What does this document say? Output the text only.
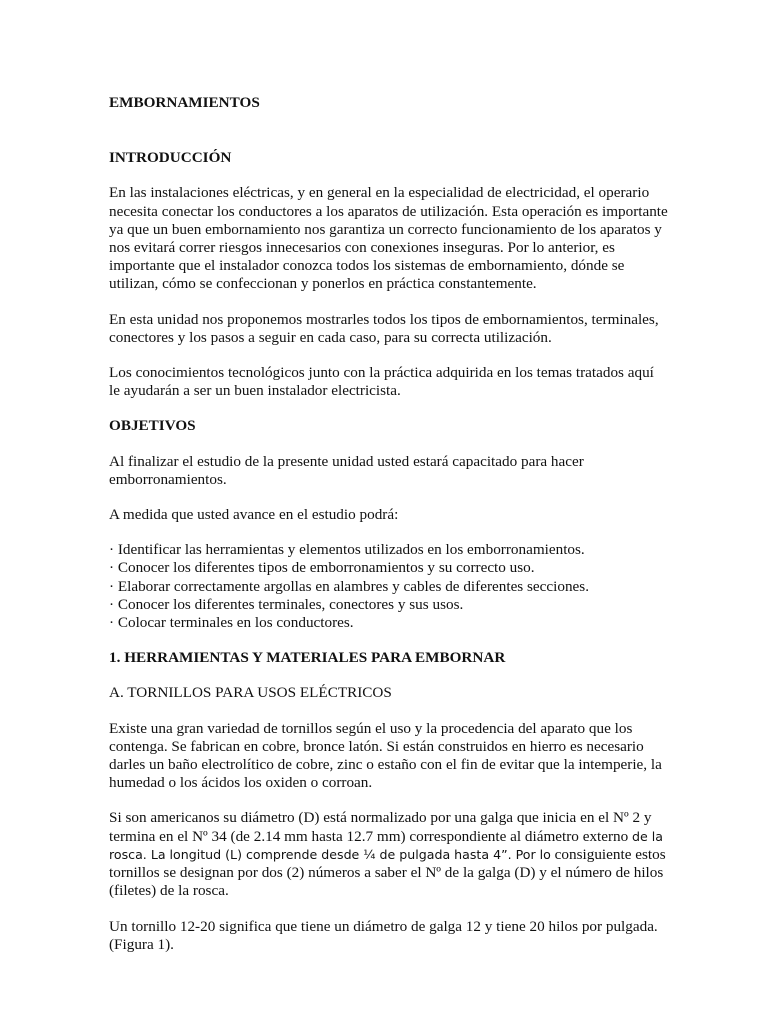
EMBORNAMIENTOS
INTRODUCCIÓN

En las instalaciones eléctricas, y en general en la especialidad de electricidad, el operario necesita conectar los conductores a los aparatos de utilización. Esta operación es importante ya que un buen embornamiento nos garantiza un correcto funcionamiento de los aparatos y nos evitará correr riesgos innecesarios con conexiones inseguras. Por lo anterior, es importante que el instalador conozca todos los sistemas de embornamiento, dónde se utilizan, cómo se confeccionan y ponerlos en práctica constantemente.

En esta unidad nos proponemos mostrarles todos los tipos de embornamientos, terminales, conectores y los pasos a seguir en cada caso, para su correcta utilización.

Los conocimientos tecnológicos junto con la práctica adquirida en los temas tratados aquí le ayudarán a ser un buen instalador electricista.

OBJETIVOS

Al finalizar el estudio de la presente unidad usted estará capacitado para hacer emborronamientos.

A medida que usted avance en el estudio podrá:

· Identificar las herramientas y elementos utilizados en los emborronamientos.
· Conocer los diferentes tipos de emborronamientos y su correcto uso.
· Elaborar correctamente argollas en alambres y cables de diferentes secciones.
· Conocer los diferentes terminales, conectores y sus usos.
· Colocar terminales en los conductores.
1. HERRAMIENTAS Y MATERIALES PARA EMBORNAR
A. TORNILLOS PARA USOS ELÉCTRICOS

Existe una gran variedad de tornillos según el uso y la procedencia del aparato que los contenga. Se fabrican en cobre, bronce latón. Si están construidos en hierro es necesario darles un baño electrolítico de cobre, zinc o estaño con el fin de evitar que la intemperie, la humedad o los ácidos los oxiden o corroan.

Si son americanos su diámetro (D) está normalizado por una galga que inicia en el Nº 2 y termina en el Nº 34 (de 2.14 mm hasta 12.7 mm) correspondiente al diámetro externo de la rosca. La longitud (L) comprende desde ¼ de pulgada hasta 4”. Por lo consiguiente estos tornillos se designan por dos (2) números a saber el Nº de la galga (D) y el número de hilos (filetes) de la rosca.

Un tornillo 12-20 significa que tiene un diámetro de galga 12 y tiene 20 hilos por pulgada. (Figura 1).
